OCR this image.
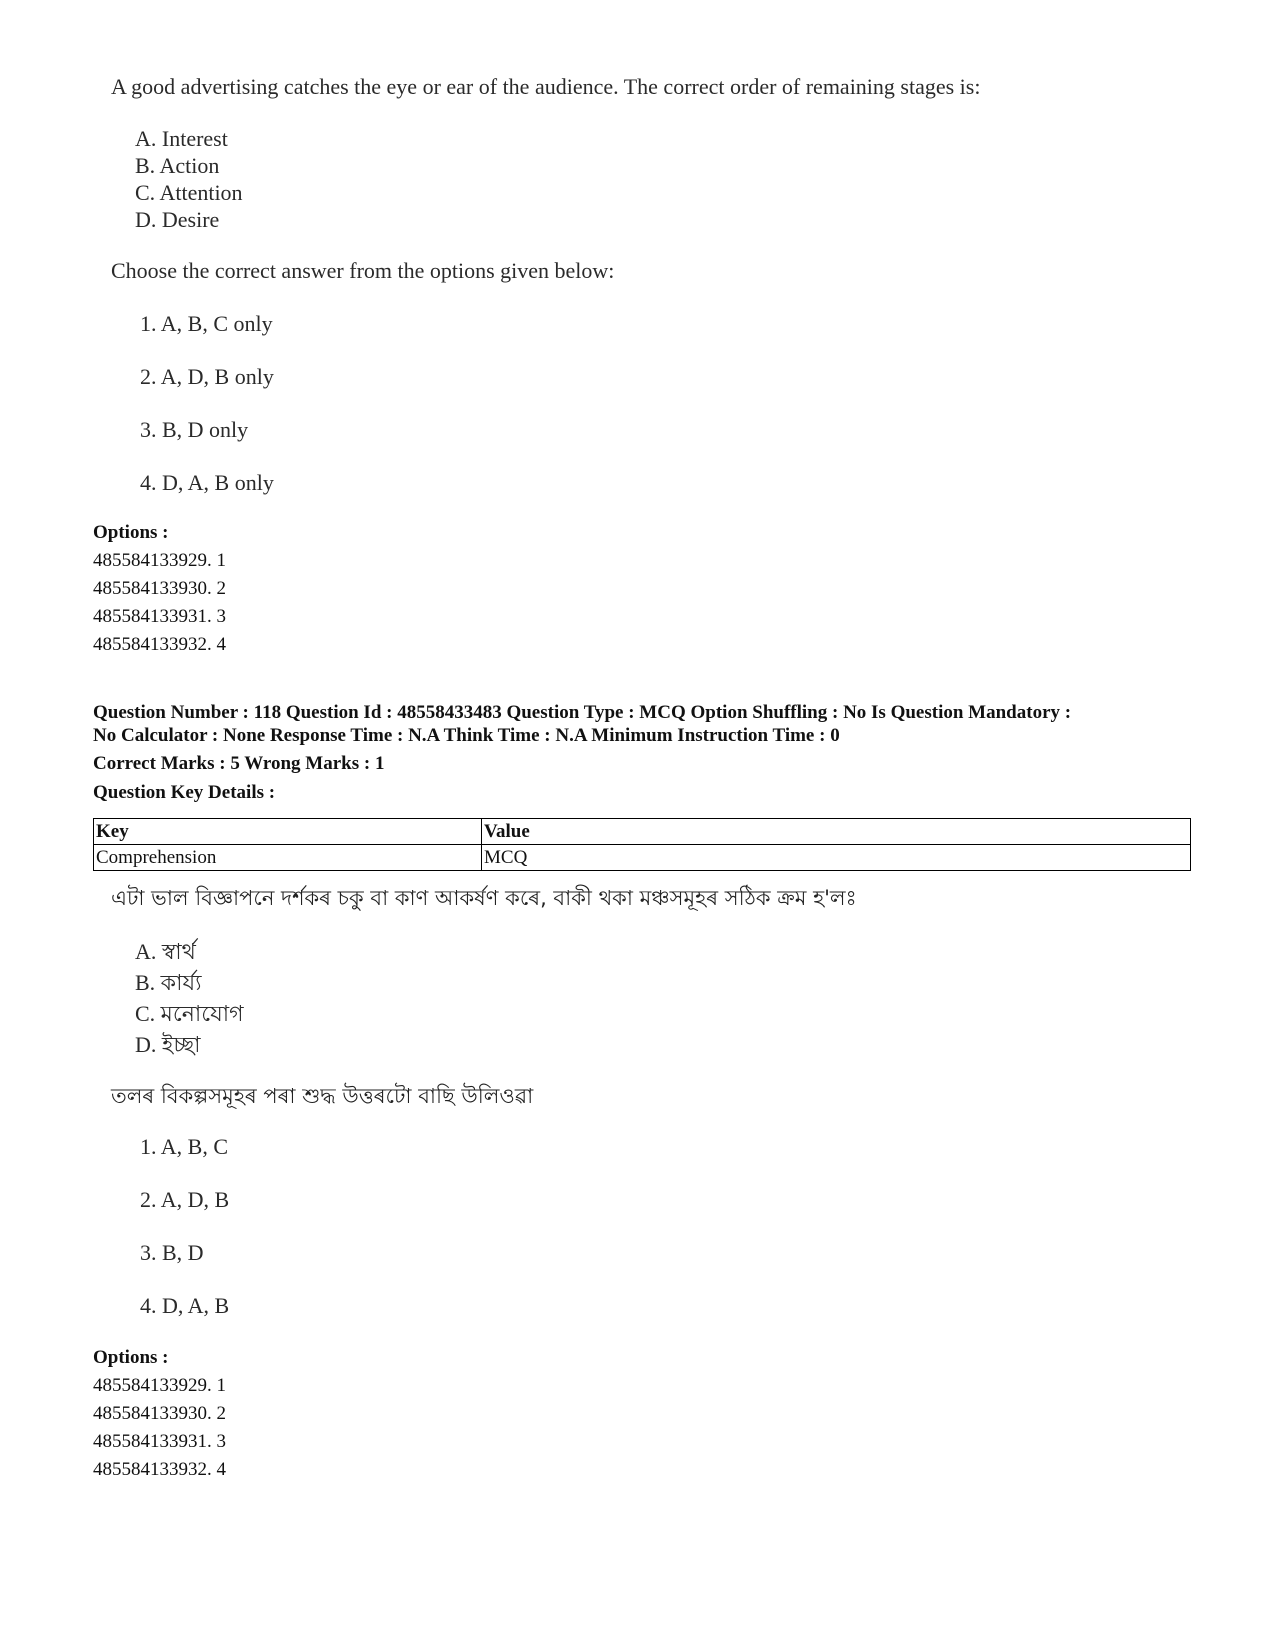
A good advertising catches the eye or ear of the audience. The correct order of remaining stages is:
A. Interest
B. Action
C. Attention
D. Desire
Choose the correct answer from the options given below:
1. A, B, C only
2. A, D, B only
3. B, D only
4. D, A, B only
Options :
485584133929. 1
485584133930. 2
485584133931. 3
485584133932. 4
Question Number : 118 Question Id : 48558433483 Question Type : MCQ Option Shuffling : No Is Question Mandatory :
No Calculator : None Response Time : N.A Think Time : N.A Minimum Instruction Time : 0
Correct Marks : 5 Wrong Marks : 1
Question Key Details :
Key	Value
Comprehension	MCQ
এটা ভাল বিজ্ঞাপনে দৰ্শকৰ চকু বা কাণ আকৰ্ষণ কৰে, বাকী থকা মঞ্চসমূহৰ সঠিক ক্ৰম হ'লঃ
A. স্বাৰ্থ
B. কাৰ্য্য
C. মনোযোগ
D. ইচ্ছা
তলৰ বিকল্পসমূহৰ পৰা শুদ্ধ উত্তৰটো বাছি উলিওৱা
1. A, B, C
2. A, D, B
3. B, D
4. D, A, B
Options :
485584133929. 1
485584133930. 2
485584133931. 3
485584133932. 4
